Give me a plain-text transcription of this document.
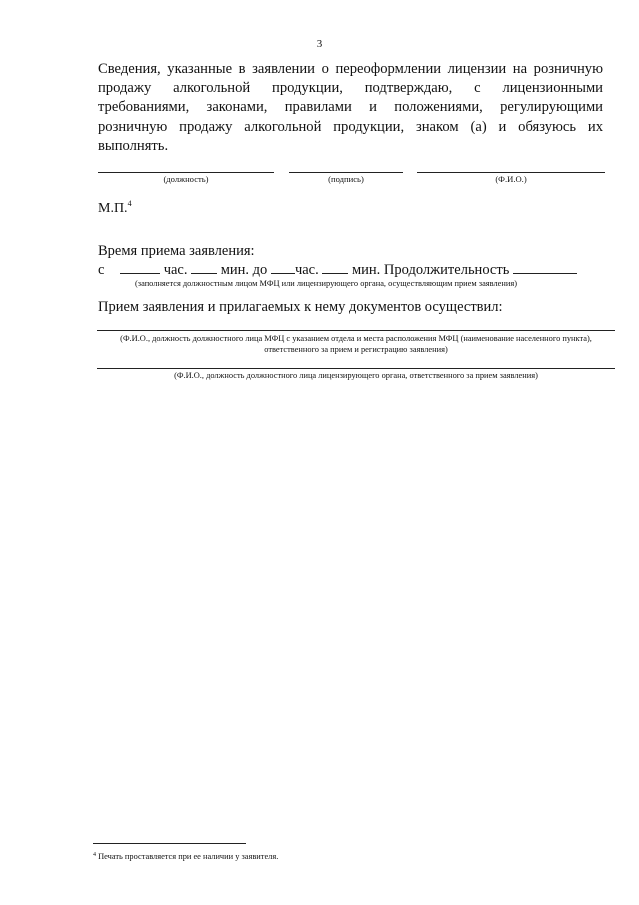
3

Сведения, указанные в заявлении о переоформлении лицензии на розничную продажу алкогольной продукции, подтверждаю, с лицензионными требованиями, законами, правилами и положениями, регулирующими розничную продажу алкогольной продукции, знаком (а) и обязуюсь их выполнять.

(должность)	(подпись)	(Ф.И.О.)
М.П.$^4$
Время приема заявления:
с	час. мин. до час. мин. Продолжительность
(заполняется должностным лицом МФЦ или лицензирующего органа, осуществляющим прием заявления)
Прием заявления и прилагаемых к нему документов осуществил:
(Ф.И.О., должность должностного лица МФЦ с указанием отдела и места расположения МФЦ (наименование населенного пункта), ответственного за прием и регистрацию заявления)
(Ф.И.О., должность должностного лица лицензирующего органа, ответственного за прием заявления)
$^4$ Печать проставляется при ее наличии у заявителя.
